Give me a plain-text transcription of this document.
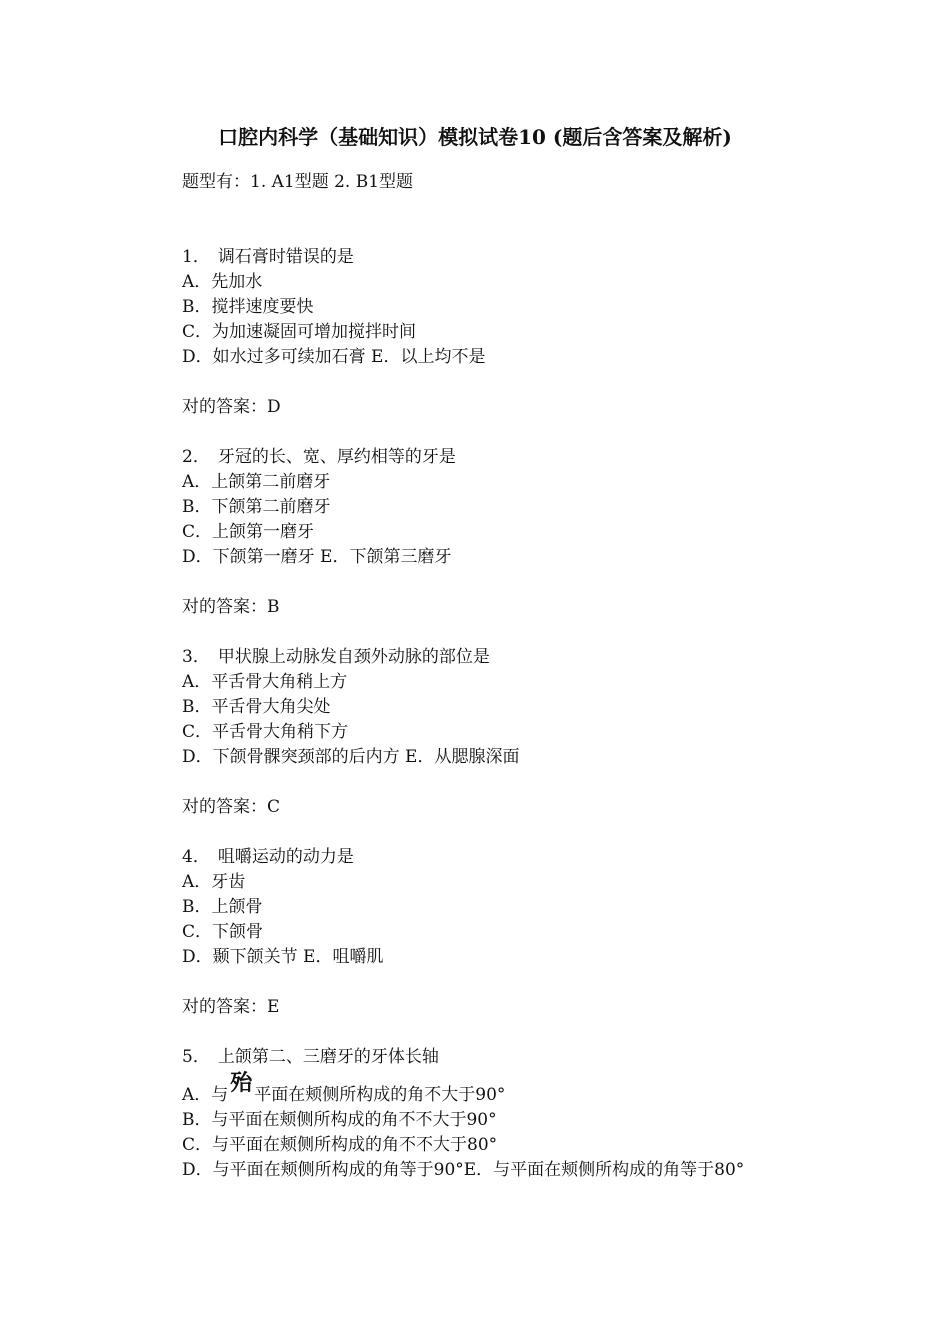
口腔内科学（基础知识）模拟试卷10 (题后含答案及解析)
题型有：1. A1型题 2. B1型题
1． 调石膏时错误的是
A．先加水
B．搅拌速度要快
C．为加速凝固可增加搅拌时间
D．如水过多可续加石膏 E．以上均不是
对的答案：D
2． 牙冠的长、宽、厚约相等的牙是
A．上颌第二前磨牙
B．下颌第二前磨牙
C．上颌第一磨牙
D．下颌第一磨牙 E．下颌第三磨牙
对的答案：B
3． 甲状腺上动脉发自颈外动脉的部位是
A．平舌骨大角稍上方
B．平舌骨大角尖处
C．平舌骨大角稍下方
D．下颌骨髁突颈部的后内方 E．从腮腺深面
对的答案：C
4． 咀嚼运动的动力是
A．牙齿
B．上颌骨
C．下颌骨
D．颞下颌关节 E．咀嚼肌
对的答案：E
5． 上颌第二、三磨牙的牙体长轴
A．与殆 平面在颊侧所构成的角不大于90°
B．与平面在颊侧所构成的角不不大于90°
C．与平面在颊侧所构成的角不不大于80°
D．与平面在颊侧所构成的角等于90°E．与平面在颊侧所构成的角等于80°
